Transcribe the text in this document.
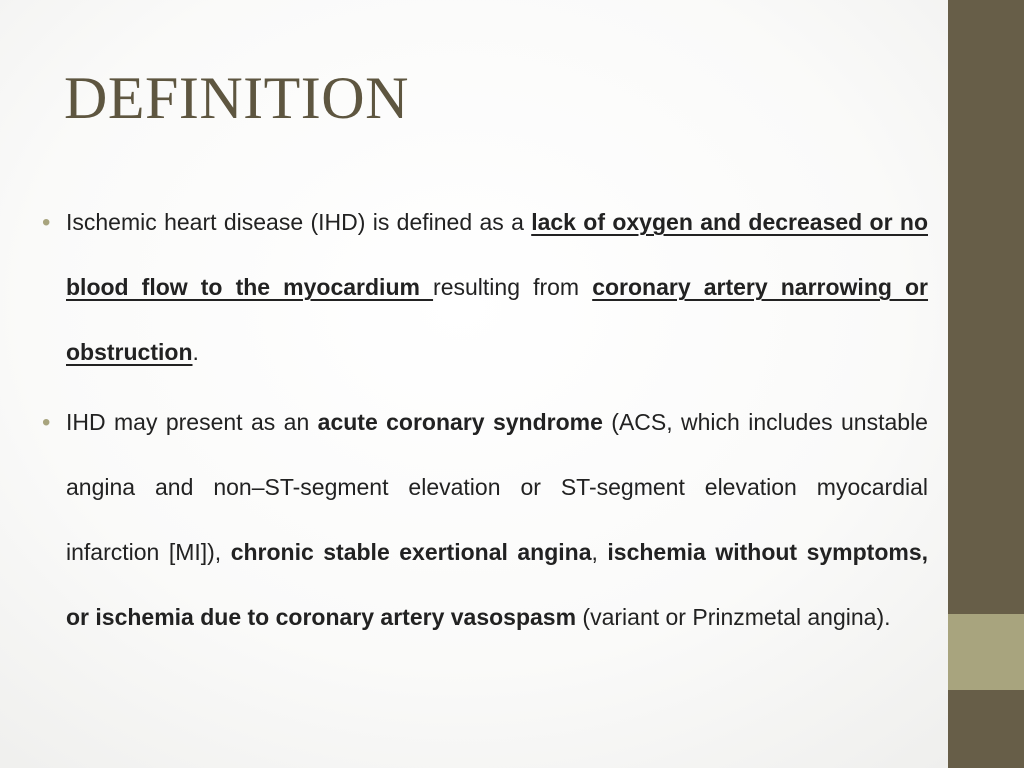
DEFINITION
• Ischemic heart disease (IHD) is defined as a lack of oxygen and decreased or no blood flow to the myocardium resulting from coronary artery narrowing or obstruction.
• IHD may present as an acute coronary syndrome (ACS, which includes unstable angina and non–ST-segment elevation or ST-segment elevation myocardial infarction [MI]), chronic stable exertional angina, ischemia without symptoms, or ischemia due to coronary artery vasospasm (variant or Prinzmetal angina).
